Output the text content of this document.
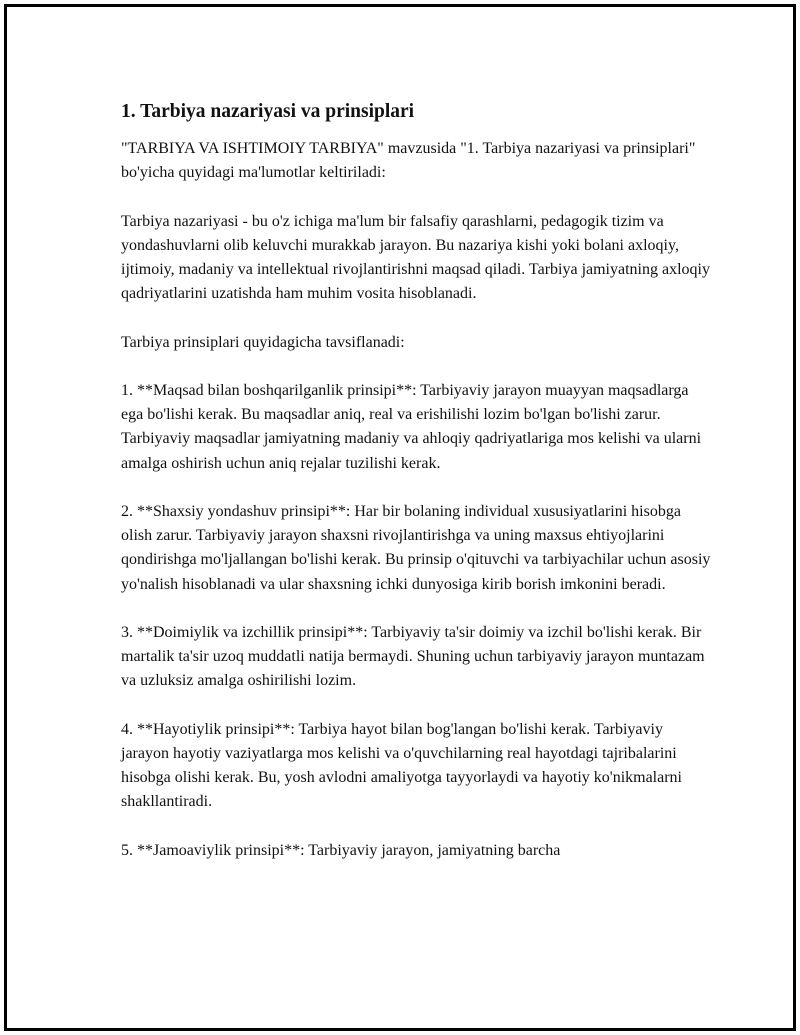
1. Tarbiya nazariyasi va prinsiplari

"TARBIYA VA ISHTIMOIY TARBIYA" mavzusida "1. Tarbiya nazariyasi va prinsiplari" bo'yicha quyidagi ma'lumotlar keltiriladi:

Tarbiya nazariyasi - bu o'z ichiga ma'lum bir falsafiy qarashlarni, pedagogik tizim va yondashuvlarni olib keluvchi murakkab jarayon. Bu nazariya kishi yoki bolani axloqiy, ijtimoiy, madaniy va intellektual rivojlantirishni maqsad qiladi. Tarbiya jamiyatning axloqiy qadriyatlarini uzatishda ham muhim vosita hisoblanadi.

Tarbiya prinsiplari quyidagicha tavsiflanadi:

1. **Maqsad bilan boshqarilganlik prinsipi**: Tarbiyaviy jarayon muayyan maqsadlarga ega bo'lishi kerak. Bu maqsadlar aniq, real va erishilishi lozim bo'lgan bo'lishi zarur. Tarbiyaviy maqsadlar jamiyatning madaniy va ahloqiy qadriyatlariga mos kelishi va ularni amalga oshirish uchun aniq rejalar tuzilishi kerak.

2. **Shaxsiy yondashuv prinsipi**: Har bir bolaning individual xususiyatlarini hisobga olish zarur. Tarbiyaviy jarayon shaxsni rivojlantirishga va uning maxsus ehtiyojlarini qondirishga mo'ljallangan bo'lishi kerak. Bu prinsip o'qituvchi va tarbiyachilar uchun asosiy yo'nalish hisoblanadi va ular shaxsning ichki dunyosiga kirib borish imkonini beradi.

3. **Doimiylik va izchillik prinsipi**: Tarbiyaviy ta'sir doimiy va izchil bo'lishi kerak. Bir martalik ta'sir uzoq muddatli natija bermaydi. Shuning uchun tarbiyaviy jarayon muntazam va uzluksiz amalga oshirilishi lozim.

4. **Hayotiylik prinsipi**: Tarbiya hayot bilan bog'langan bo'lishi kerak. Tarbiyaviy jarayon hayotiy vaziyatlarga mos kelishi va o'quvchilarning real hayotdagi tajribalarini hisobga olishi kerak. Bu, yosh avlodni amaliyotga tayyorlaydi va hayotiy ko'nikmalarni shakllantiradi.

5. **Jamoaviylik prinsipi**: Tarbiyaviy jarayon, jamiyatning barcha
